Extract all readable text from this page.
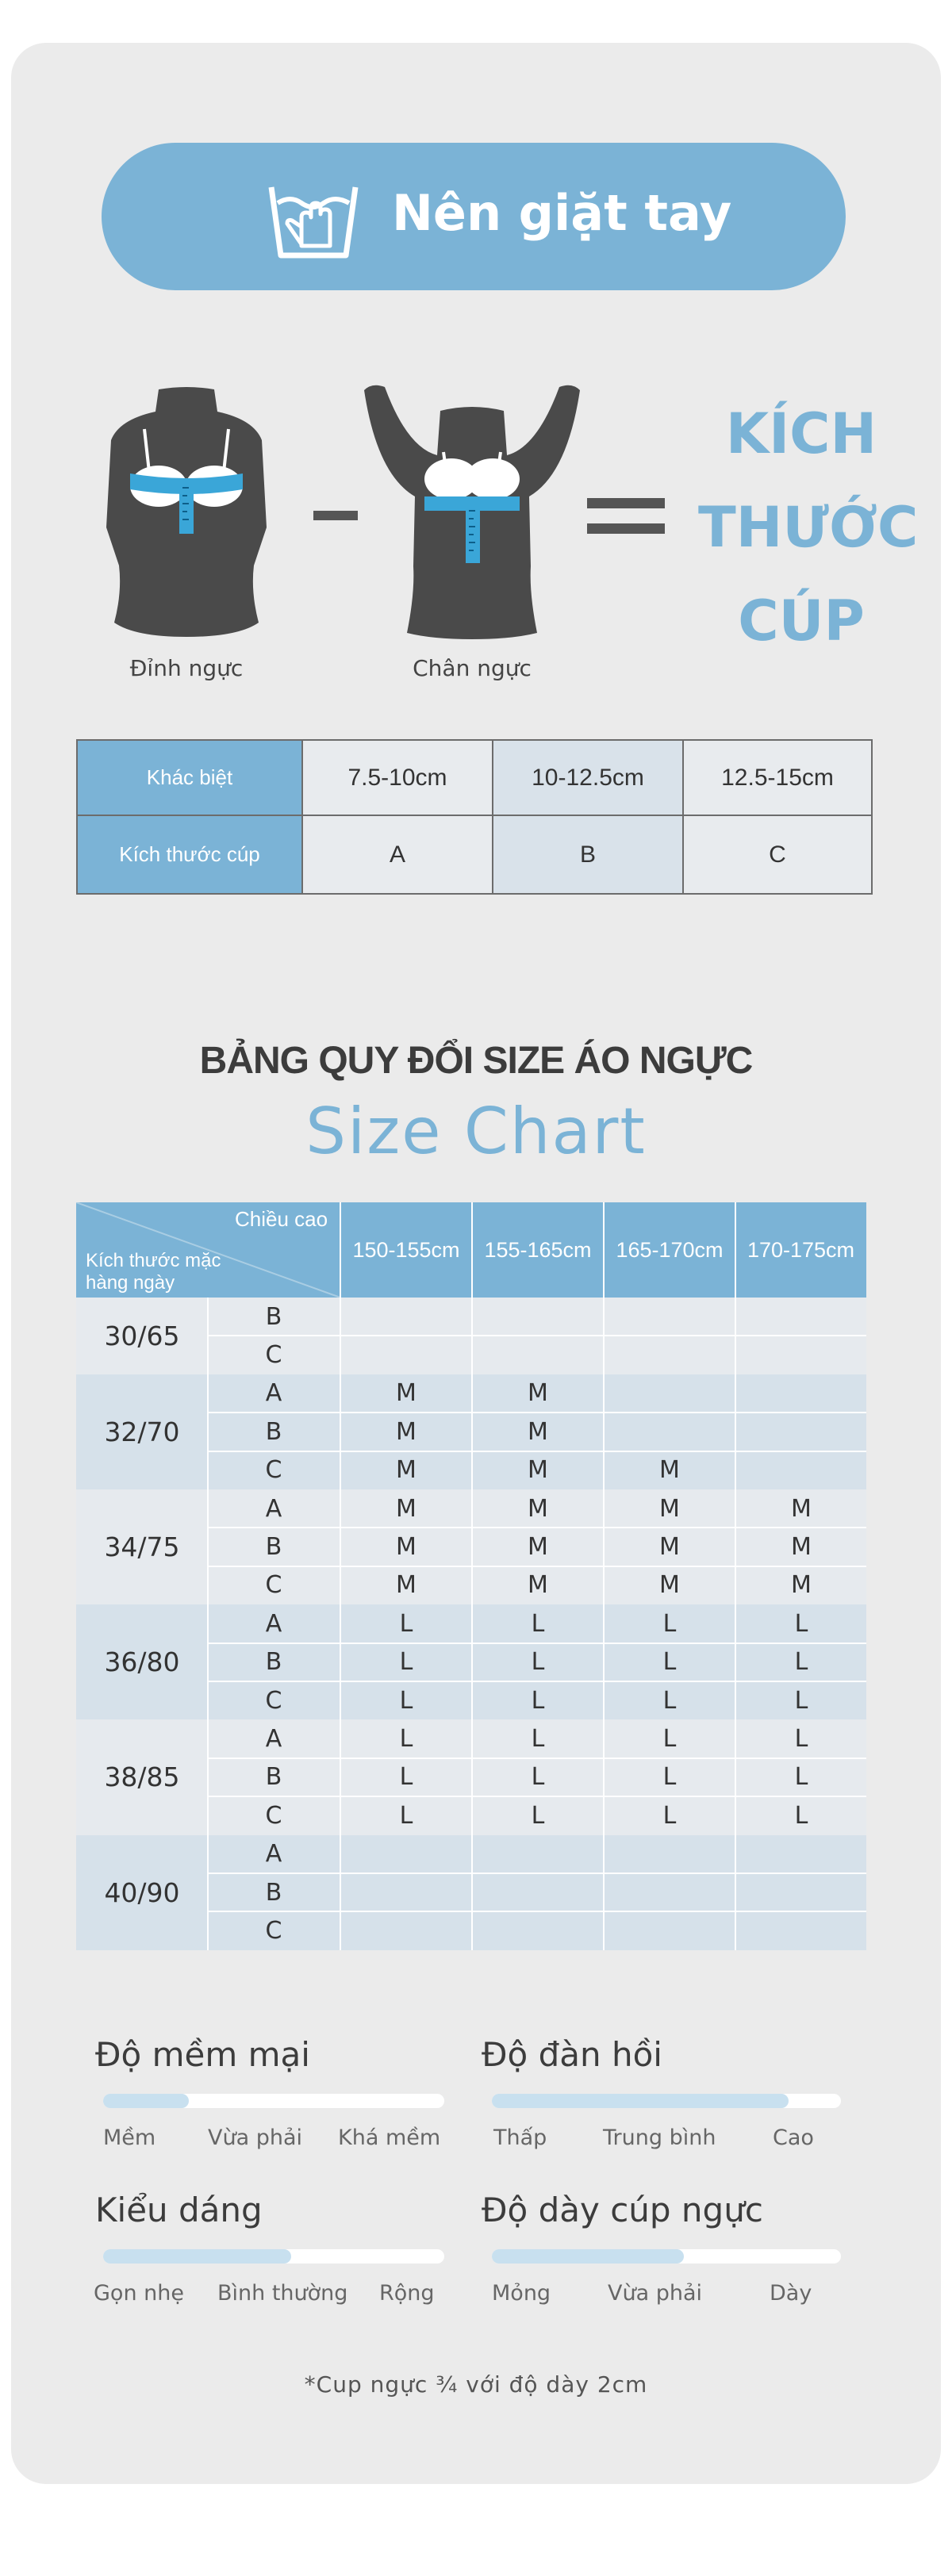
Nên giặt tay
Đỉnh ngực	Chân ngực
KÍCH
THƯỚC
CÚP
Khác biệt
Kích thước cúp
7.5-10cm	10-12.5cm	12.5-15cm
A	B	C
BẢNG QUY ĐỔI SIZE ÁO NGỰC
Size Chart
Chiều cao
Kích thước mặc hàng ngày
150-155cm	155-165cm	165-170cm	170-175cm
30/65
B
C
32/70
A	M	M
B	M	M
C	M	M	M
34/75
A	M	M	M	M
B	M	M	M	M
C	M	M	M	M
36/80
A	L	L	L	L
B	L	L	L	L
C	L	L	L	L
38/85
A	L	L	L	L
B	L	L	L	L
C	L	L	L	L
40/90
A
B
C
Độ mềm mại
Mềm Vừa phải Khá mềm
Độ đàn hồi
Thấp	Trung bình	Cao
Kiểu dáng
Gọn nhẹ Bình thường Rộng
Độ dày cúp ngực
Mỏng	Vừa phải	Dày
*Cup ngực ¾ với độ dày 2cm
